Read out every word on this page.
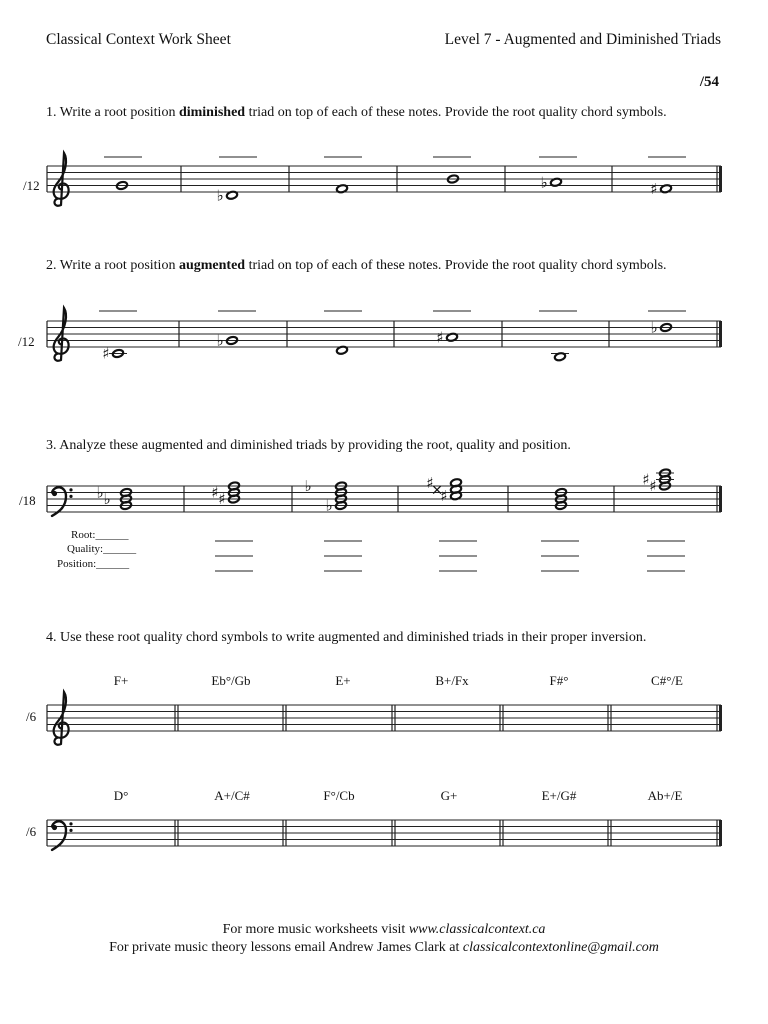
Classical Context Work Sheet	Level 7 - Augmented and Diminished Triads
/54
1. Write a root position diminished triad on top of each of these notes. Provide the root quality chord symbols.
/12
2. Write a root position augmented triad on top of each of these notes. Provide the root quality chord symbols.
/12
3. Analyze these augmented and diminished triads by providing the root, quality and position.
/18
Root:______
Quality:______
Position:______
4. Use these root quality chord symbols to write augmented and diminished triads in their proper inversion.
/6
/6
F+	Eb°/Gb	E+	B+/Fx	F#°	C#°/E
D°	A+/C#	F°/Cb	G+	E+/G#	Ab+/E
♭
♭	♯
♯
♭	♯
♭
♭
♭	♯
♯
♭
♭
♯
×
♯	♯
♯
For more music worksheets visit www.classicalcontext.ca
For private music theory lessons email Andrew James Clark at classicalcontextonline@gmail.com
